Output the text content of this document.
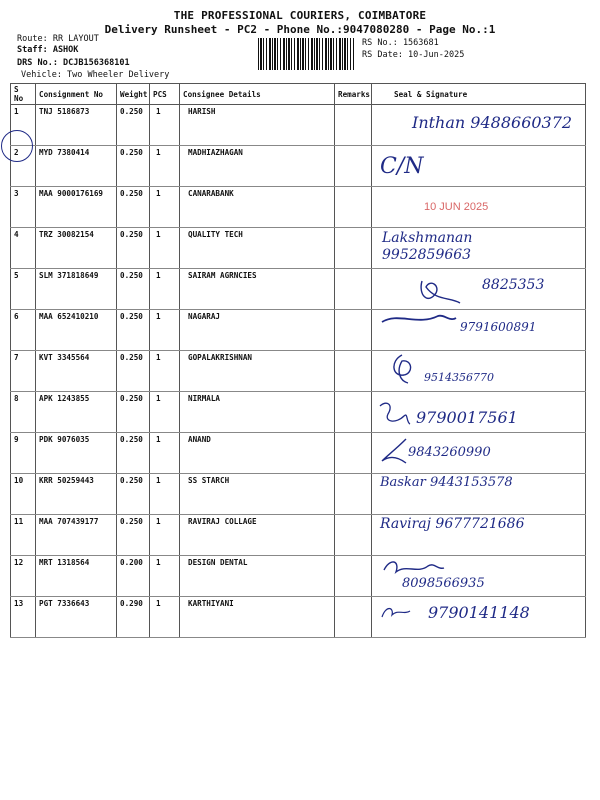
THE PROFESSIONAL COURIERS, COIMBATORE
Delivery Runsheet - PC2 - Phone No.:9047080280 - Page No.:1
Route: RR LAYOUT
Staff: ASHOK
DRS No.: DCJB156368101
Vehicle: Two Wheeler Delivery
RS No.: 1563681
RS Date: 10-Jun-2025
S No	Consignment No	Weight	PCS	Consignee Details	Remarks	Seal & Signature
1	TNJ 5186873	0.250	1	HARISH		Inthan 9488660372

2	MYD 7380414	0.250	1	MADHIAZHAGAN		C/N

3	MAA 9000176169	0.250	1	CANARABANK		10 JUN 2025

4	TRZ 30082154	0.250	1	QUALITY TECH		Lakshmanan 9952859663

5	SLM 371818649	0.250	1	SAIRAM AGRNCIES		8825353

6	MAA 652410210	0.250	1	NAGARAJ		9791600891

7	KVT 3345564	0.250	1	GOPALAKRISHNAN		9514356770

8	APK 1243855	0.250	1	NIRMALA		9790017561

9	PDK 9076035	0.250	1	ANAND		9843260990

10	KRR 50259443	0.250	1	SS STARCH		Baskar 9443153578

11	MAA 707439177	0.250	1	RAVIRAJ COLLAGE		Raviraj 9677721686

12	MRT 1318564	0.200	1	DESIGN DENTAL		8098566935

13	PGT 7336643	0.290	1	KARTHIYANI		9790141148
